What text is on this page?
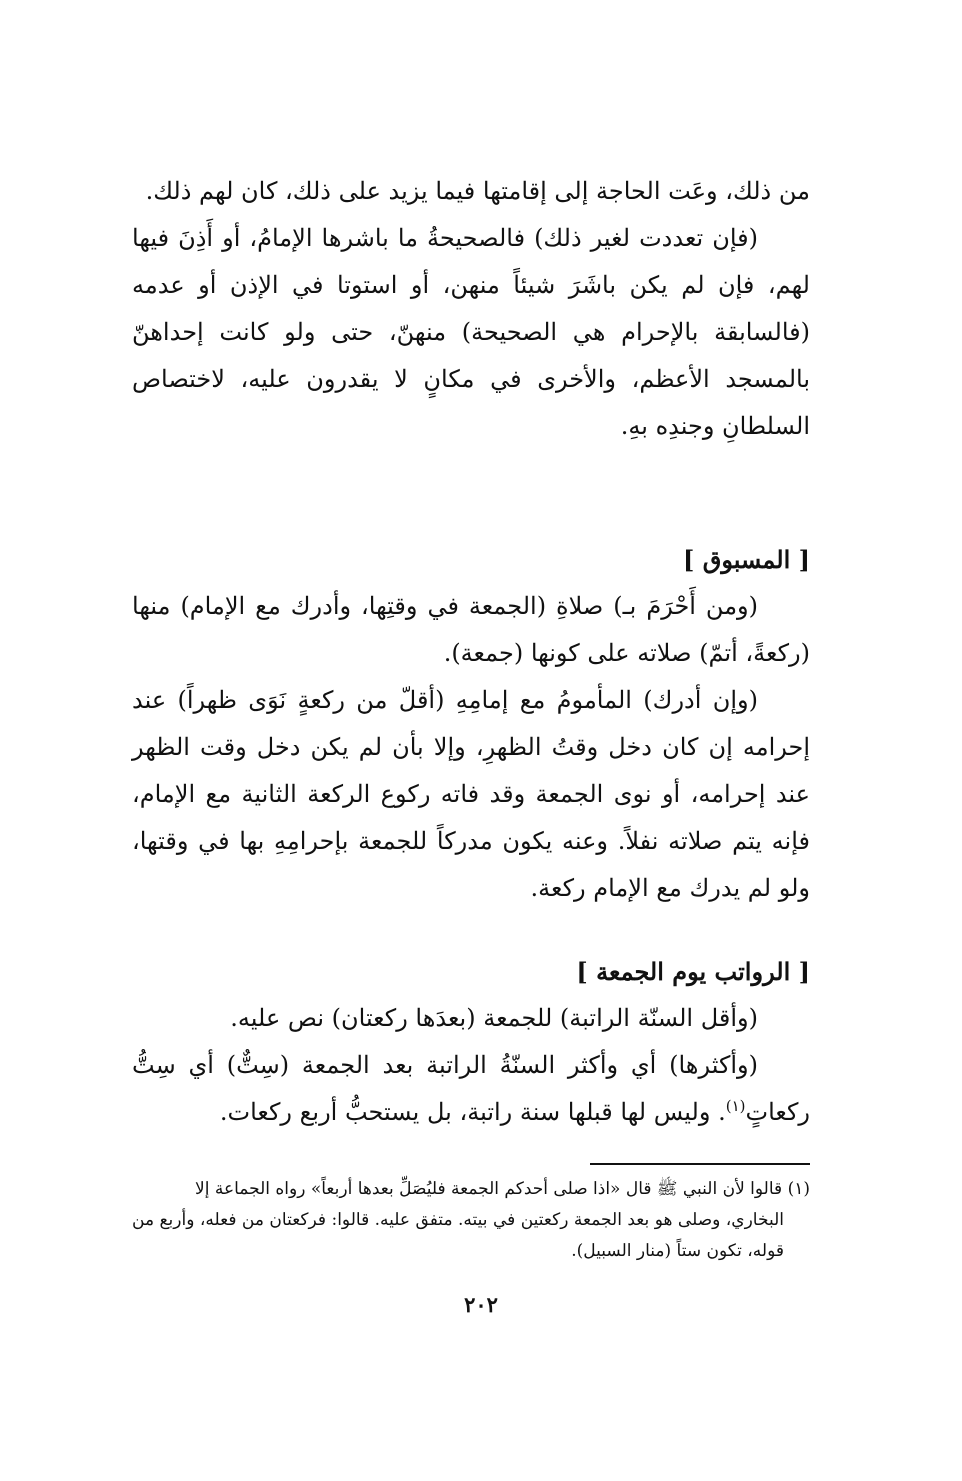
من ذلك، وعَت الحاجة إلى إقامتها فيما يزيد على ذلك، كان لهم ذلك.

(فإن تعددت لغير ذلك) فالصحيحةُ ما باشرها الإمامُ، أو أَذِنَ فيها لهم، فإن لم يكن باشَرَ شيئاً منهن، أو استوتا في الإذن أو عدمه (فالسابقة بالإحرام هي الصحيحة) منهنّ، حتى ولو كانت إحداهنّ بالمسجد الأعظم، والأخرى في مكانٍ لا يقدرون عليه، لاختصاص السلطانِ وجندِه بهِ.

[ المسبوق ]

(ومن أَحْرَمَ بـ) صلاةِ (الجمعة في وقتِها، وأدرك مع الإمام) منها (ركعةً، أتمّ) صلاته على كونها (جمعة).

(وإن أدرك) المأمومُ مع إمامِهِ (أقلّ من ركعةٍ نَوَى ظهراً) عند إحرامه إن كان دخل وقتُ الظهرِ، وإلا بأن لم يكن دخل وقت الظهر عند إحرامه، أو نوى الجمعة وقد فاته ركوع الركعة الثانية مع الإمام، فإنه يتم صلاته نفلاً. وعنه يكون مدركاً للجمعة بإحرامِهِ بها في وقتها، ولو لم يدرك مع الإمام ركعة.

[ الرواتب يوم الجمعة ]

(وأقل السنّة الراتبة) للجمعة (بعدَها ركعتان) نص عليه.

(وأكثرها) أي وأكثر السنّةُ الراتبة بعد الجمعة (سِتٌّ) أي سِتُّ ركعاتٍ$^{(١)}$. وليس لها قبلها سنة راتبة، بل يستحبُّ أربع ركعات.

(١) قالوا لأن النبي ﷺ قال «اذا صلى أحدكم الجمعة فليُصَلِّ بعدها أربعاً» رواه الجماعة إلا

البخاري، وصلى هو بعد الجمعة ركعتين في بيته. متفق عليه. قالوا: فركعتان من فعله، وأربع من قوله، تكون ستاً (منار السبيل).

٢٠٢
